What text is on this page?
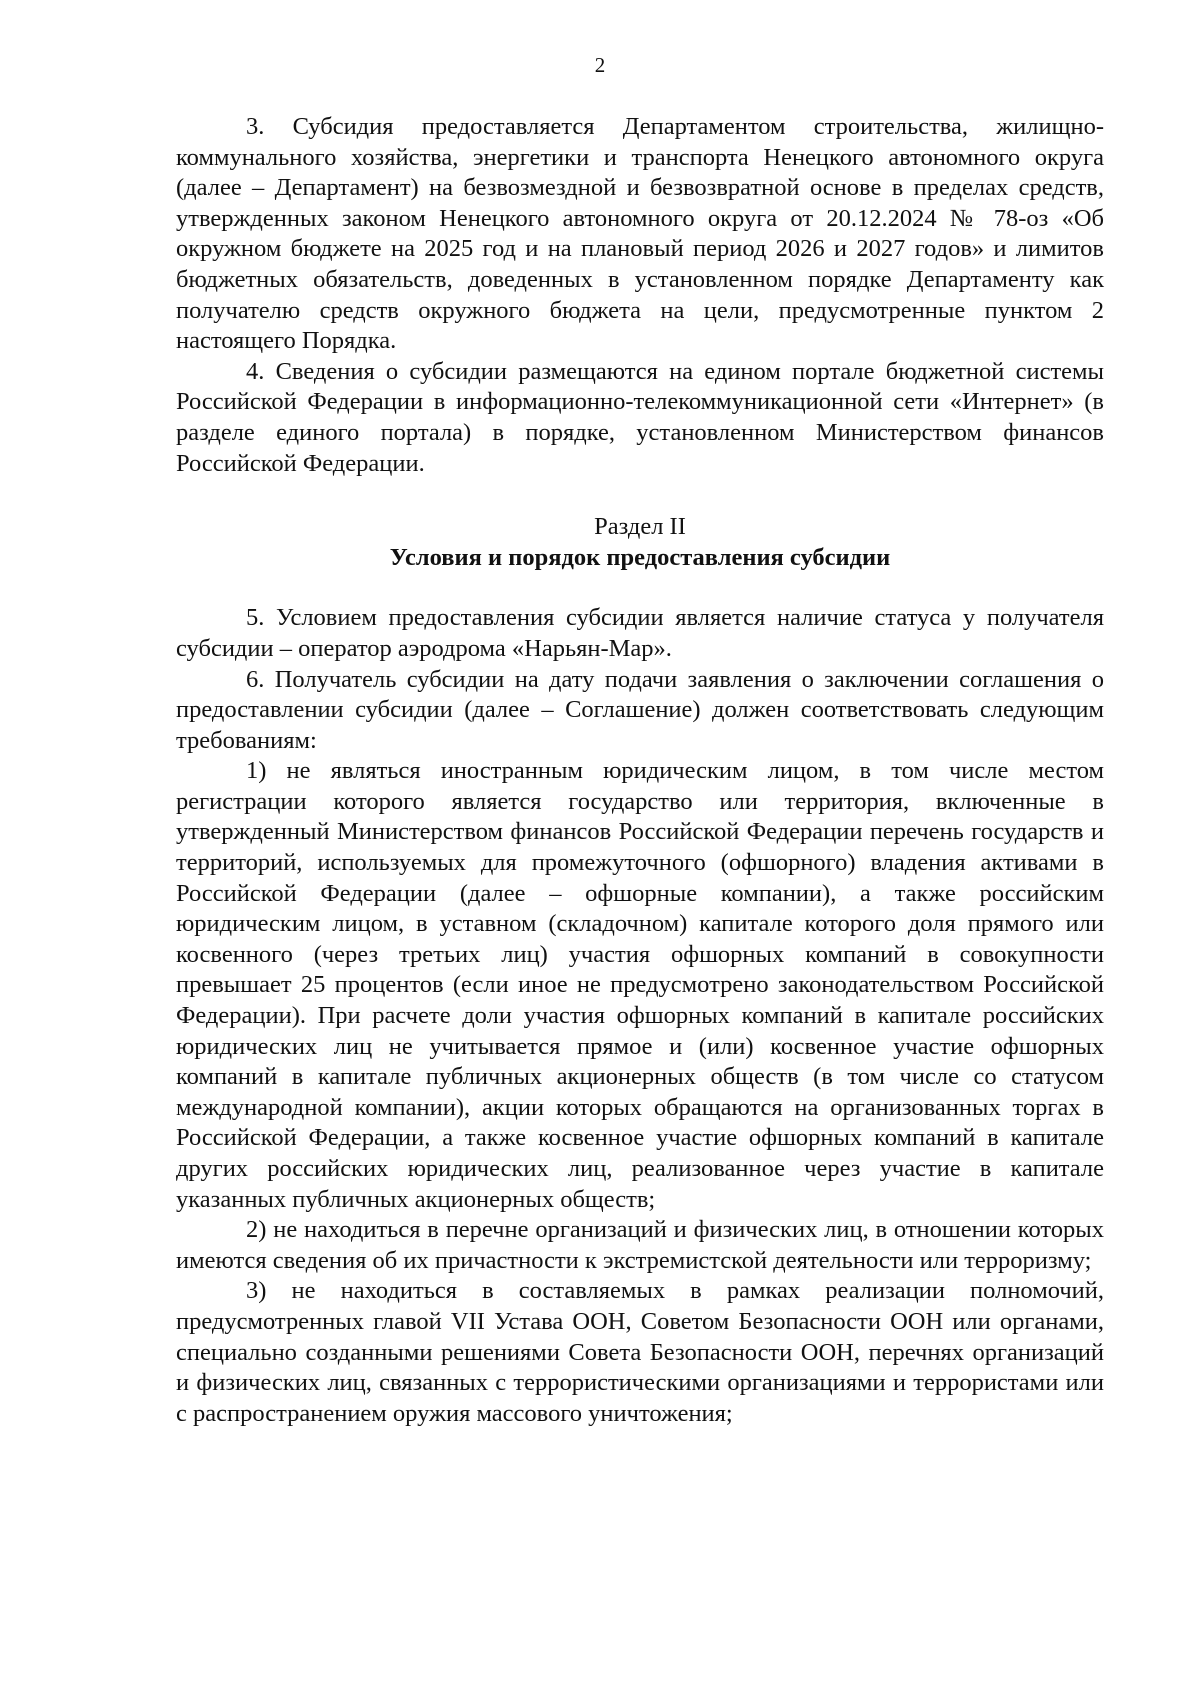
2

3. Субсидия предоставляется Департаментом строительства, жилищно-коммунального хозяйства, энергетики и транспорта Ненецкого автономного округа (далее – Департамент) на безвозмездной и безвозвратной основе в пределах средств, утвержденных законом Ненецкого автономного округа от 20.12.2024 № 78-оз «Об окружном бюджете на 2025 год и на плановый период 2026 и 2027 годов» и лимитов бюджетных обязательств, доведенных в установленном порядке Департаменту как получателю средств окружного бюджета на цели, предусмотренные пунктом 2 настоящего Порядка.

4. Сведения о субсидии размещаются на едином портале бюджетной системы Российской Федерации в информационно-телекоммуникационной сети «Интернет» (в разделе единого портала) в порядке, установленном Министерством финансов Российской Федерации.

Раздел II

Условия и порядок предоставления субсидии

5. Условием предоставления субсидии является наличие статуса у получателя субсидии – оператор аэродрома «Нарьян-Мар».

6. Получатель субсидии на дату подачи заявления о заключении соглашения о предоставлении субсидии (далее – Соглашение) должен соответствовать следующим требованиям:

1) не являться иностранным юридическим лицом, в том числе местом регистрации которого является государство или территория, включенные в утвержденный Министерством финансов Российской Федерации перечень государств и территорий, используемых для промежуточного (офшорного) владения активами в Российской Федерации (далее – офшорные компании), а также российским юридическим лицом, в уставном (складочном) капитале которого доля прямого или косвенного (через третьих лиц) участия офшорных компаний в совокупности превышает 25 процентов (если иное не предусмотрено законодательством Российской Федерации). При расчете доли участия офшорных компаний в капитале российских юридических лиц не учитывается прямое и (или) косвенное участие офшорных компаний в капитале публичных акционерных обществ (в том числе со статусом международной компании), акции которых обращаются на организованных торгах в Российской Федерации, а также косвенное участие офшорных компаний в капитале других российских юридических лиц, реализованное через участие в капитале указанных публичных акционерных обществ;

2) не находиться в перечне организаций и физических лиц, в отношении которых имеются сведения об их причастности к экстремистской деятельности или терроризму;

3) не находиться в составляемых в рамках реализации полномочий, предусмотренных главой VII Устава ООН, Советом Безопасности ООН или органами, специально созданными решениями Совета Безопасности ООН, перечнях организаций и физических лиц, связанных с террористическими организациями и террористами или с распространением оружия массового уничтожения;
